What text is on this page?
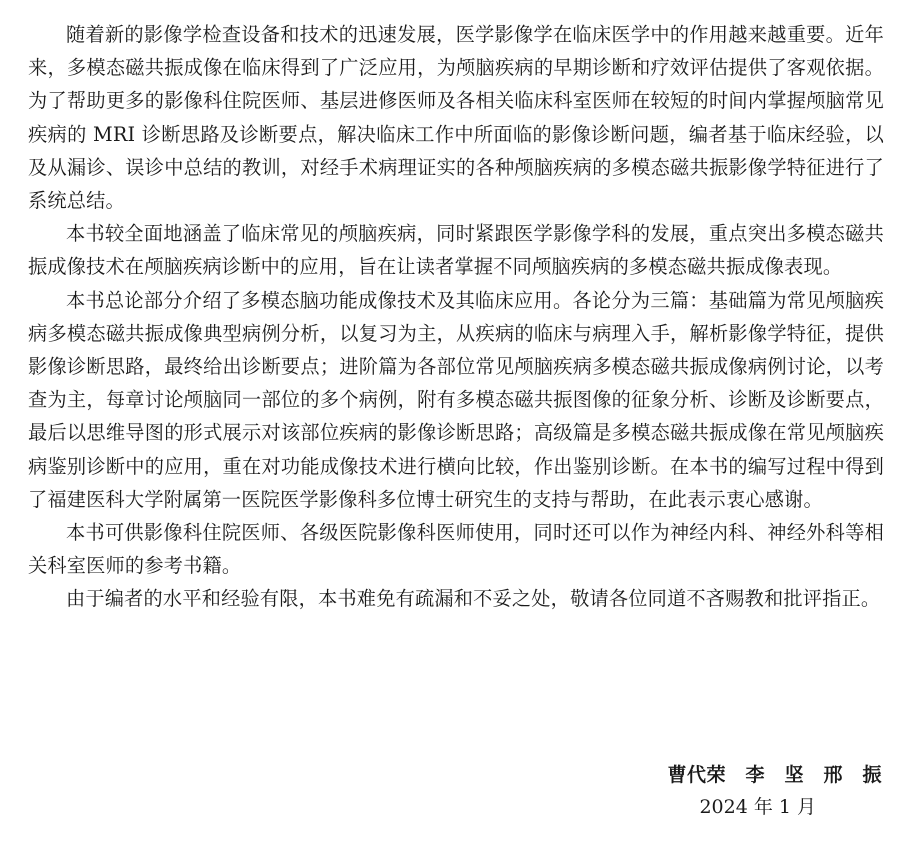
随着新的影像学检查设备和技术的迅速发展，医学影像学在临床医学中的作用越来越重要。近年来，多模态磁共振成像在临床得到了广泛应用，为颅脑疾病的早期诊断和疗效评估提供了客观依据。为了帮助更多的影像科住院医师、基层进修医师及各相关临床科室医师在较短的时间内掌握颅脑常见疾病的 MRI 诊断思路及诊断要点，解决临床工作中所面临的影像诊断问题，编者基于临床经验，以及从漏诊、误诊中总结的教训，对经手术病理证实的各种颅脑疾病的多模态磁共振影像学特征进行了系统总结。

本书较全面地涵盖了临床常见的颅脑疾病，同时紧跟医学影像学科的发展，重点突出多模态磁共振成像技术在颅脑疾病诊断中的应用，旨在让读者掌握不同颅脑疾病的多模态磁共振成像表现。

本书总论部分介绍了多模态脑功能成像技术及其临床应用。各论分为三篇：基础篇为常见颅脑疾病多模态磁共振成像典型病例分析，以复习为主，从疾病的临床与病理入手，解析影像学特征，提供影像诊断思路，最终给出诊断要点；进阶篇为各部位常见颅脑疾病多模态磁共振成像病例讨论，以考查为主，每章讨论颅脑同一部位的多个病例，附有多模态磁共振图像的征象分析、诊断及诊断要点，最后以思维导图的形式展示对该部位疾病的影像诊断思路；高级篇是多模态磁共振成像在常见颅脑疾病鉴别诊断中的应用，重在对功能成像技术进行横向比较，作出鉴别诊断。在本书的编写过程中得到了福建医科大学附属第一医院医学影像科多位博士研究生的支持与帮助，在此表示衷心感谢。

本书可供影像科住院医师、各级医院影像科医师使用，同时还可以作为神经内科、神经外科等相关科室医师的参考书籍。

由于编者的水平和经验有限，本书难免有疏漏和不妥之处，敬请各位同道不吝赐教和批评指正。

曹代荣　李　坚　邢　振
2024 年 1 月
